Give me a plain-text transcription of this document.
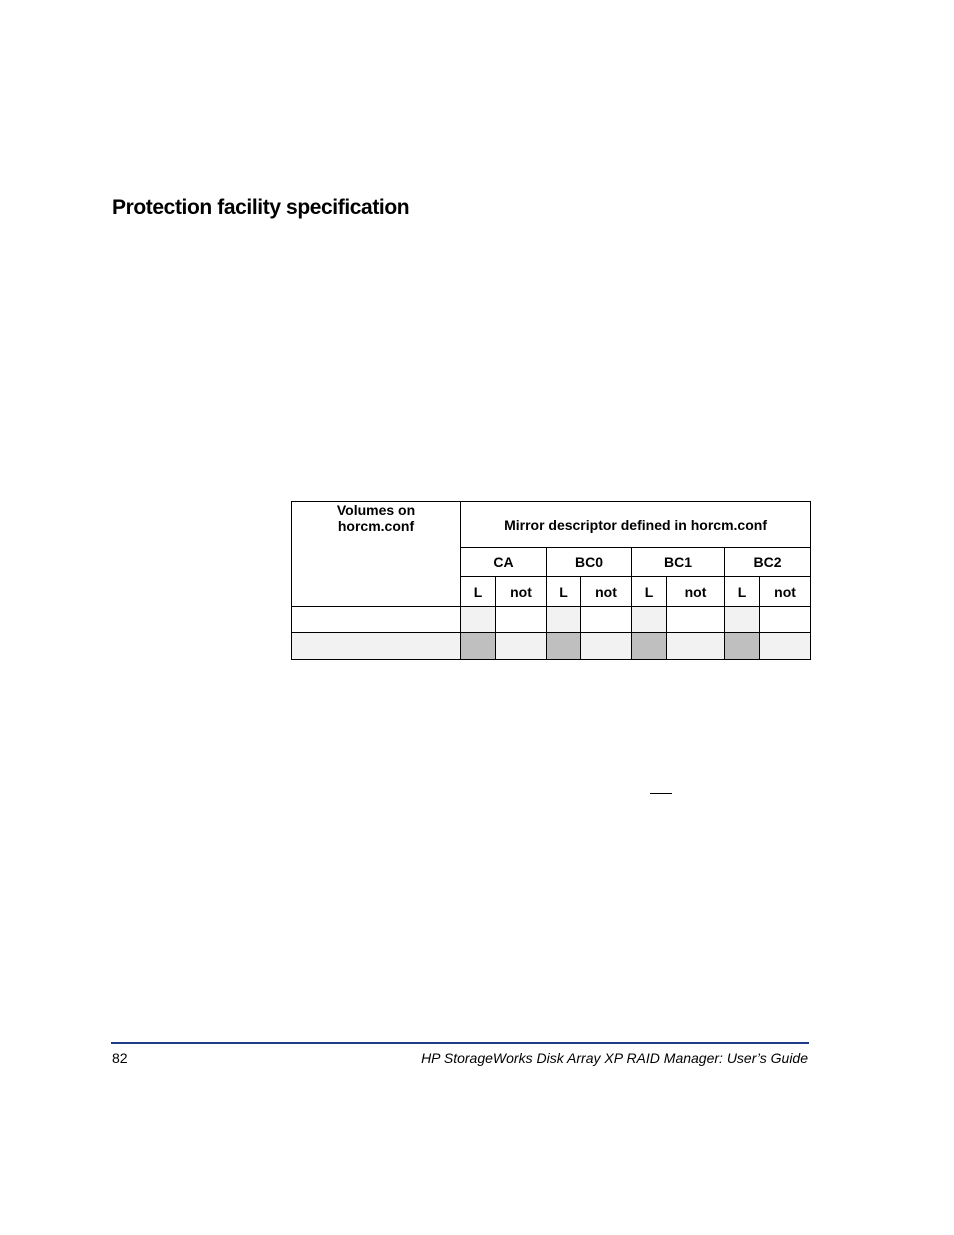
Protection facility specification
Volumes on
horcm.conf	Mirror descriptor defined in horcm.conf							
	CA		BC0		BC1		BC2	
	L	not	L	not	L	not	L	not

82	HP StorageWorks Disk Array XP RAID Manager: User’s Guide
